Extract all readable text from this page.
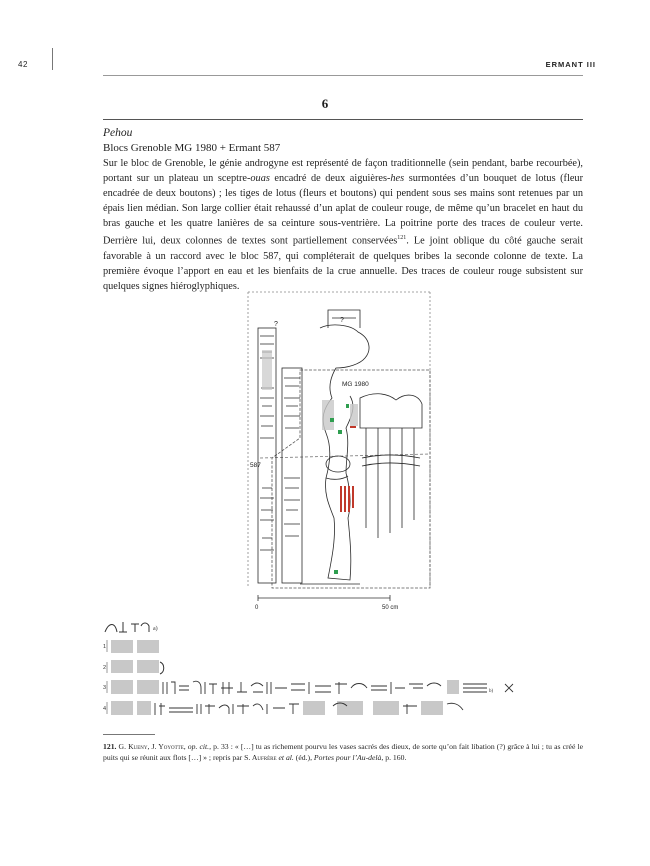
42	ERMANT III
6
Pehou
Blocs Grenoble MG 1980 + Ermant 587

Sur le bloc de Grenoble, le génie androgyne est représenté de façon traditionnelle (sein pendant, barbe recourbée), portant sur un plateau un sceptre-ouas encadré de deux aiguières-hes surmontées d’un bouquet de lotus (fleur encadrée de deux boutons) ; les tiges de lotus (fleurs et boutons) qui pendent sous ses mains sont retenues par un épais lien médian. Son large collier était rehaussé d’un aplat de couleur rouge, de même qu’un bracelet en haut du bras gauche et les quatre lanières de sa ceinture sous-ventrière. La poitrine porte des traces de couleur verte. Derrière lui, deux colonnes de textes sont partiellement conservées$^{121}$. Le joint oblique du côté gauche serait favorable à un raccord avec le bloc 587, qui compléterait de quelques bribes la seconde colonne de texte. La première évoque l’apport en eau et les bienfaits de la crue annuelle. Des traces de couleur rouge subsistent sur quelques signes hiéroglyphiques.

MG 1980
587
?
?
0	50 cm
a)
1
2
3
4
b)

121. G. Kueny, J. Yoyotte, op. cit., p. 33 : « […] tu as richement pourvu les vases sacrés des dieux, de sorte qu’on fait libation (?) grâce à lui ; tu as créé le puits qui se réunit aux flots […] » ; repris par S. Aufrère et al. (éd.), Portes pour l’Au-delà, p. 160.
